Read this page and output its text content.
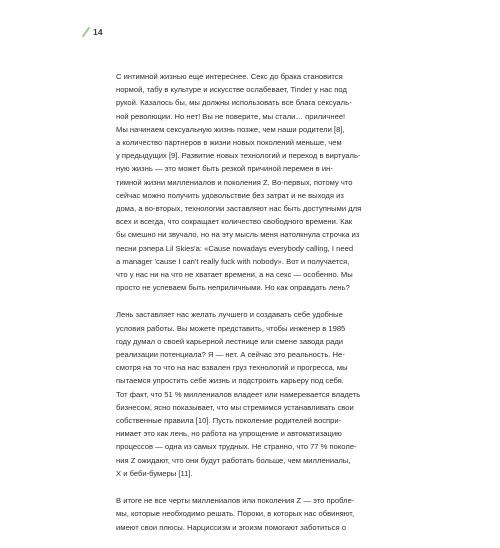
14

С интимной жизнью еще интереснее. Секс до брака становится
нормой, табу в культуре и искусстве ослабевает, Tinder у нас под
рукой. Казалось бы, мы должны использовать все блага сексуаль-
ной революции. Но нет! Вы не поверите, мы стали… приличнее!
Мы начинаем сексуальную жизнь позже, чем наши родители [8],
а количество партнеров в жизни новых поколений меньше, чем
у предыдущих [9]. Развитие новых технологий и переход в виртуаль-
ную жизнь — это может быть резкой причиной перемен в ин-
тимной жизни миллениалов и поколения Z. Во-первых, потому что
сейчас можно получить удовольствие без затрат и не выходя из
дома, а во-вторых, технологии заставляют нас быть доступными для
всех и всегда, что сокращает количество свободного времени. Как
бы смешно ни звучало, но на эту мысль меня натолкнула строчка из
песни рэпера Lil Skies'а: «Cause nowadays everybody calling, I need
a manager 'cause I can't really fuck with nobody». Вот и получается,
что у нас ни на что не хватает времени, а на секс — особенно. Мы
просто не успеваем быть неприличными. Но как оправдать лень?

Лень заставляет нас желать лучшего и создавать себе удобные
условия работы. Вы можете представить, чтобы инженер в 1985
году думал о своей карьерной лестнице или смене завода ради
реализации потенциала? Я — нет. А сейчас это реальность. Не-
смотря на то что на нас взвален груз технологий и прогресса, мы
пытаемся упростить себе жизнь и подстроить карьеру под себя.
Тот факт, что 51 % миллениалов владеет или намеревается владеть
бизнесом, ясно показывает, что мы стремимся устанавливать свои
собственные правила [10]. Пусть поколение родителей воспри-
нимает это как лень, но работа на упрощение и автоматизацию
процессов — одна из самых трудных. Не странно, что 77 % поколе-
ния Z ожидают, что они будут работать больше, чем миллениалы,
X и беби-бумеры [11].

В итоге не все черты миллениалов или поколения Z — это пробле-
мы, которые необходимо решать. Пороки, в которых нас обвиняют,
имеют свои плюсы. Нарциссизм и эгоизм помогают заботиться о
